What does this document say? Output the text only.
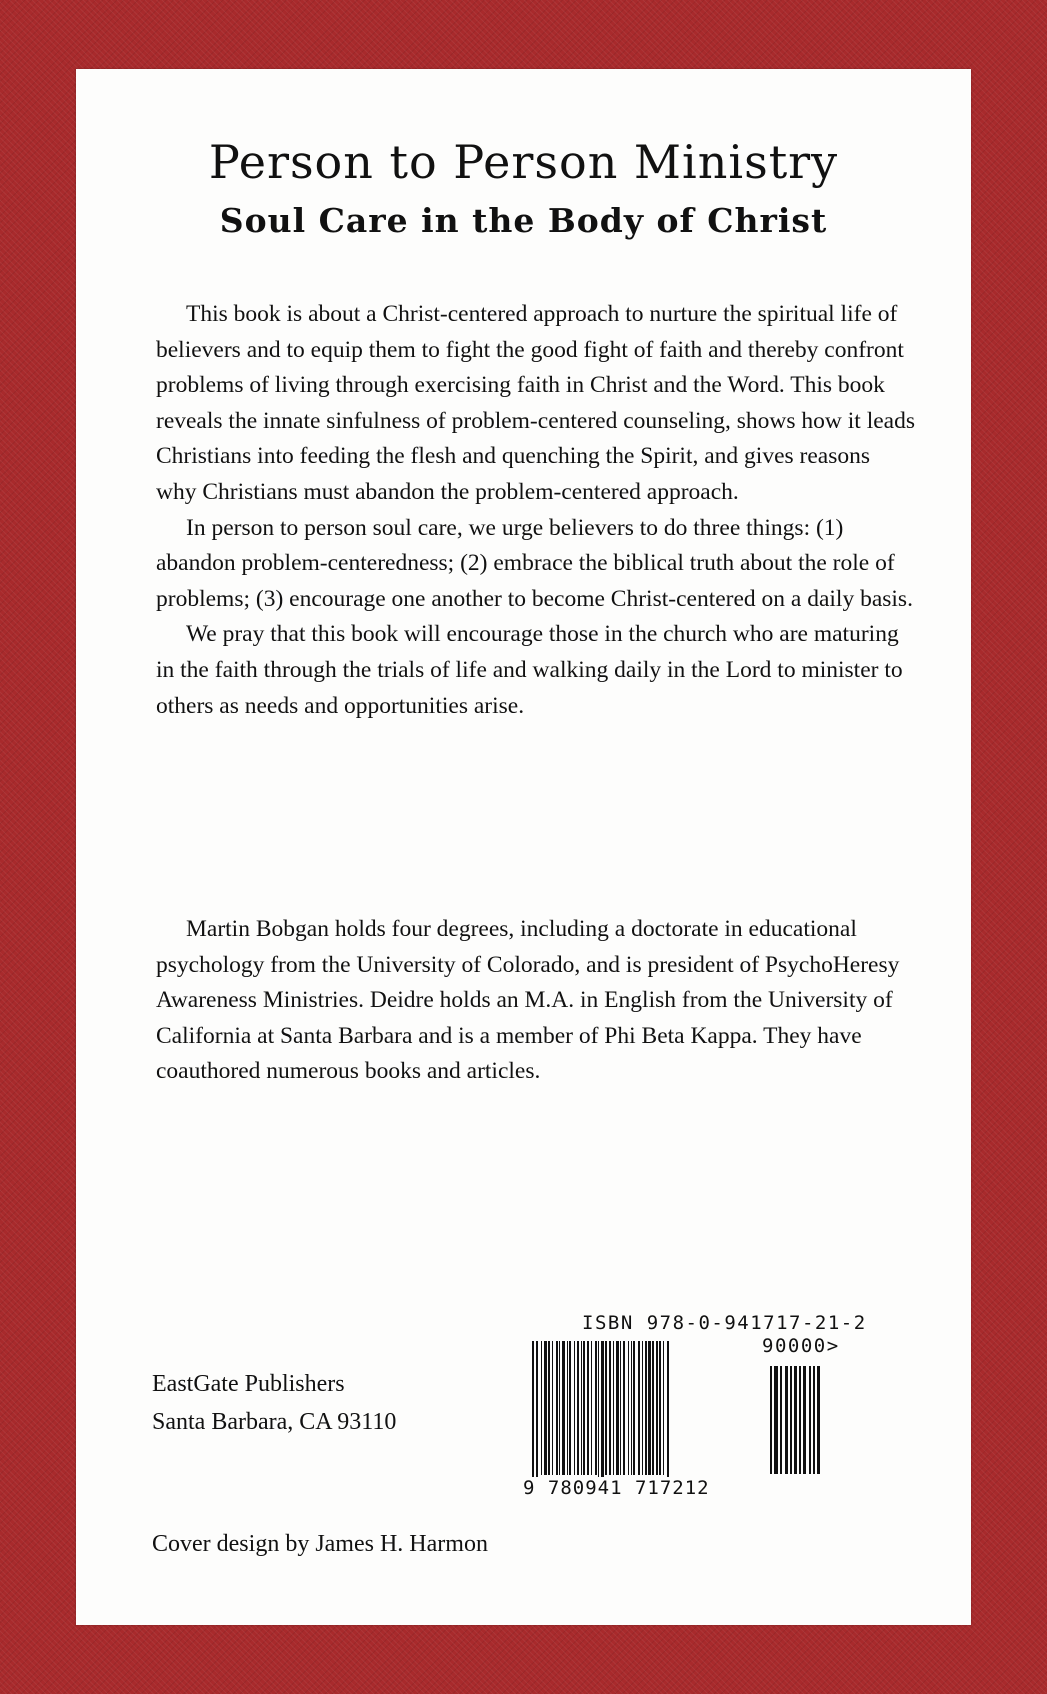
Person to Person Ministry
Soul Care in the Body of Christ

This book is about a Christ-centered approach to nurture the spiritual life of believers and to equip them to fight the good fight of faith and thereby confront problems of living through exercising faith in Christ and the Word. This book reveals the innate sinfulness of problem-centered counseling, shows how it leads Christians into feeding the flesh and quenching the Spirit, and gives reasons why Christians must abandon the problem-centered approach.

In person to person soul care, we urge believers to do three things: (1) abandon problem-centeredness; (2) embrace the biblical truth about the role of problems; (3) encourage one another to become Christ-centered on a daily basis.

We pray that this book will encourage those in the church who are maturing in the faith through the trials of life and walking daily in the Lord to minister to others as needs and opportunities arise.

Martin Bobgan holds four degrees, including a doctorate in educational psychology from the University of Colorado, and is president of PsychoHeresy Awareness Ministries. Deidre holds an M.A. in English from the University of California at Santa Barbara and is a member of Phi Beta Kappa. They have coauthored numerous books and articles.

EastGate Publishers
Santa Barbara, CA 93110
Cover design by James H. Harmon
ISBN 978-0-941717-21-2
90000>
9 780941 717212
